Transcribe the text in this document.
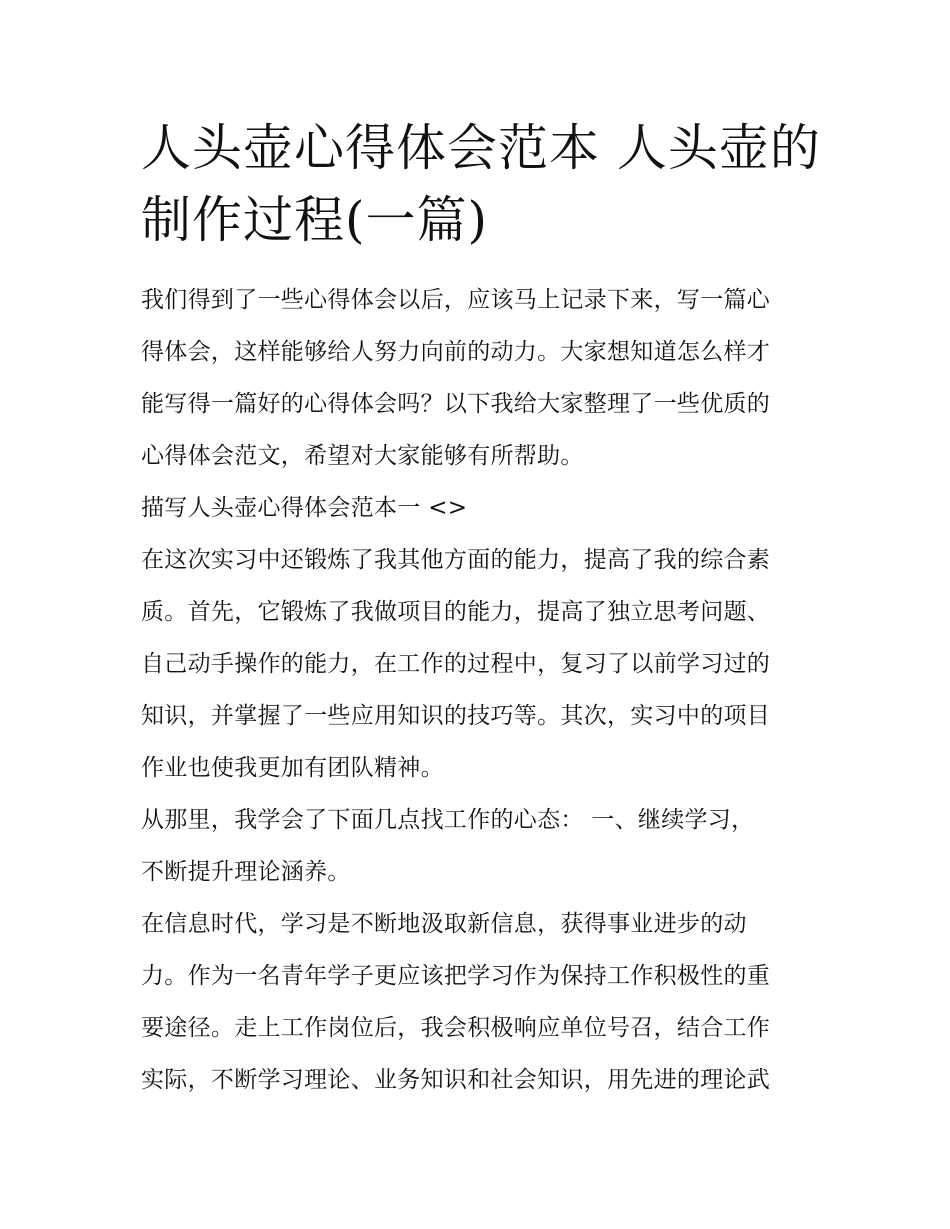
人头壶心得体会范本 人头壶的
制作过程(一篇)
我们得到了一些心得体会以后，应该马上记录下来，写一篇心
得体会，这样能够给人努力向前的动力。大家想知道怎么样才
能写得一篇好的心得体会吗？以下我给大家整理了一些优质的
心得体会范文，希望对大家能够有所帮助。
描写人头壶心得体会范本一 <>
在这次实习中还锻炼了我其他方面的能力，提高了我的综合素
质。首先，它锻炼了我做项目的能力，提高了独立思考问题、
自己动手操作的能力，在工作的过程中，复习了以前学习过的
知识，并掌握了一些应用知识的技巧等。其次，实习中的项目
作业也使我更加有团队精神。
从那里，我学会了下面几点找工作的心态： 一、继续学习，
不断提升理论涵养。
在信息时代，学习是不断地汲取新信息，获得事业进步的动
力。作为一名青年学子更应该把学习作为保持工作积极性的重
要途径。走上工作岗位后，我会积极响应单位号召，结合工作
实际，不断学习理论、业务知识和社会知识，用先进的理论武
